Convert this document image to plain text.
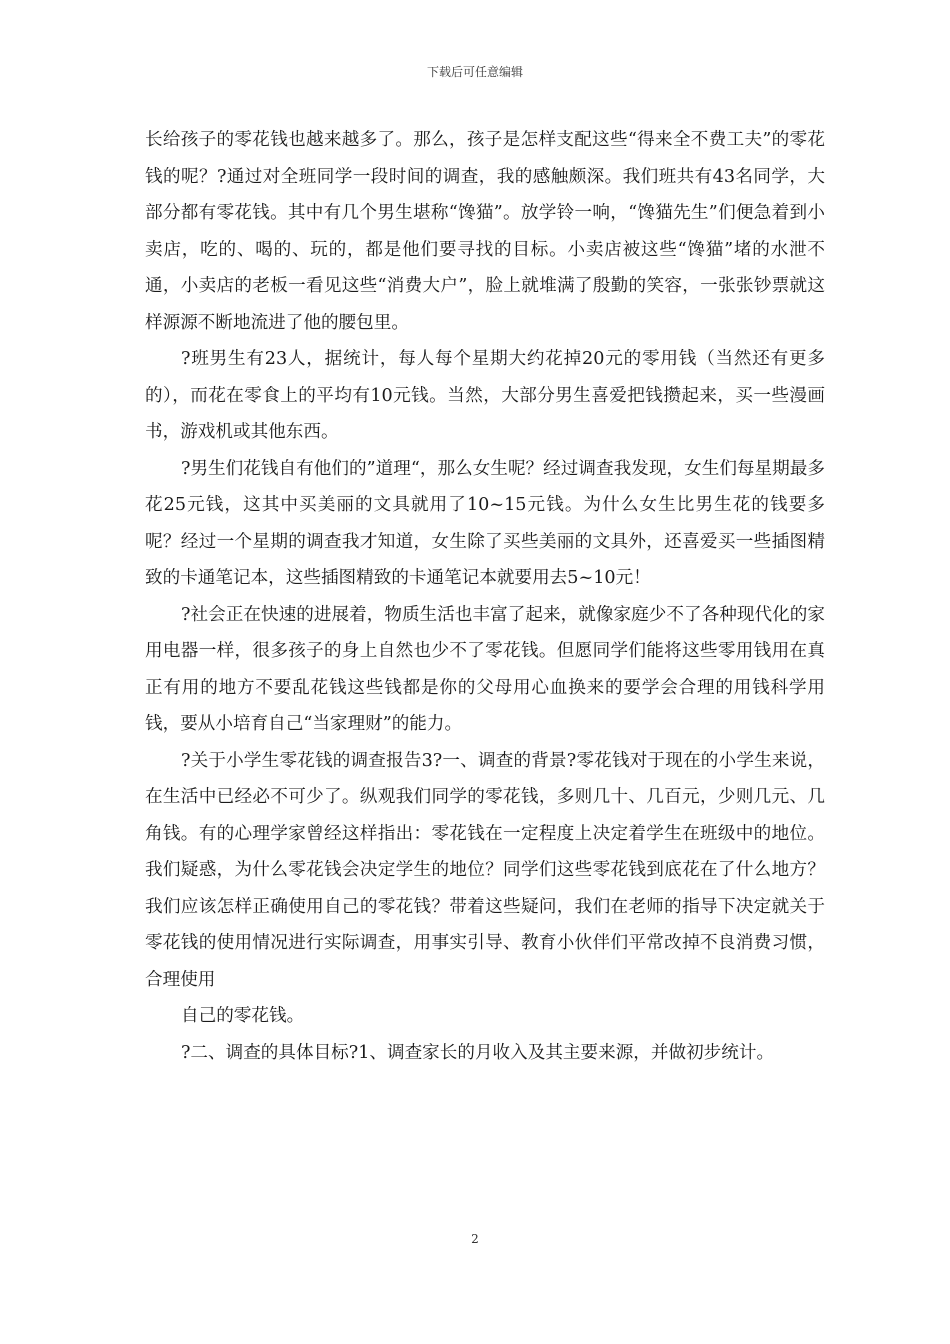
下载后可任意编辑

长给孩子的零花钱也越来越多了。那么，孩子是怎样支配这些“得来全不费工夫”的零花钱的呢？?通过对全班同学一段时间的调查，我的感触颇深。我们班共有43名同学，大部分都有零花钱。其中有几个男生堪称“馋猫”。放学铃一响，“馋猫先生”们便急着到小卖店，吃的、喝的、玩的，都是他们要寻找的目标。小卖店被这些“馋猫”堵的水泄不通，小卖店的老板一看见这些“消费大户”，脸上就堆满了殷勤的笑容，一张张钞票就这样源源不断地流进了他的腰包里。

?班男生有23人，据统计，每人每个星期大约花掉20元的零用钱（当然还有更多的），而花在零食上的平均有10元钱。当然，大部分男生喜爱把钱攒起来，买一些漫画书，游戏机或其他东西。

?男生们花钱自有他们的”道理“，那么女生呢？经过调查我发现，女生们每星期最多花25元钱，这其中买美丽的文具就用了10~15元钱。为什么女生比男生花的钱要多呢？经过一个星期的调查我才知道，女生除了买些美丽的文具外，还喜爱买一些插图精致的卡通笔记本，这些插图精致的卡通笔记本就要用去5~10元！

?社会正在快速的进展着，物质生活也丰富了起来，就像家庭少不了各种现代化的家用电器一样，很多孩子的身上自然也少不了零花钱。但愿同学们能将这些零用钱用在真正有用的地方不要乱花钱这些钱都是你的父母用心血换来的要学会合理的用钱科学用钱，要从小培育自己“当家理财”的能力。

?关于小学生零花钱的调查报告3?一、调查的背景?零花钱对于现在的小学生来说，在生活中已经必不可少了。纵观我们同学的零花钱，多则几十、几百元，少则几元、几角钱。有的心理学家曾经这样指出：零花钱在一定程度上决定着学生在班级中的地位。我们疑惑，为什么零花钱会决定学生的地位？同学们这些零花钱到底花在了什么地方？我们应该怎样正确使用自己的零花钱？带着这些疑问，我们在老师的指导下决定就关于零花钱的使用情况进行实际调查，用事实引导、教育小伙伴们平常改掉不良消费习惯，合理使用

自己的零花钱。

?二、调查的具体目标?1、调查家长的月收入及其主要来源，并做初步统计。

2
